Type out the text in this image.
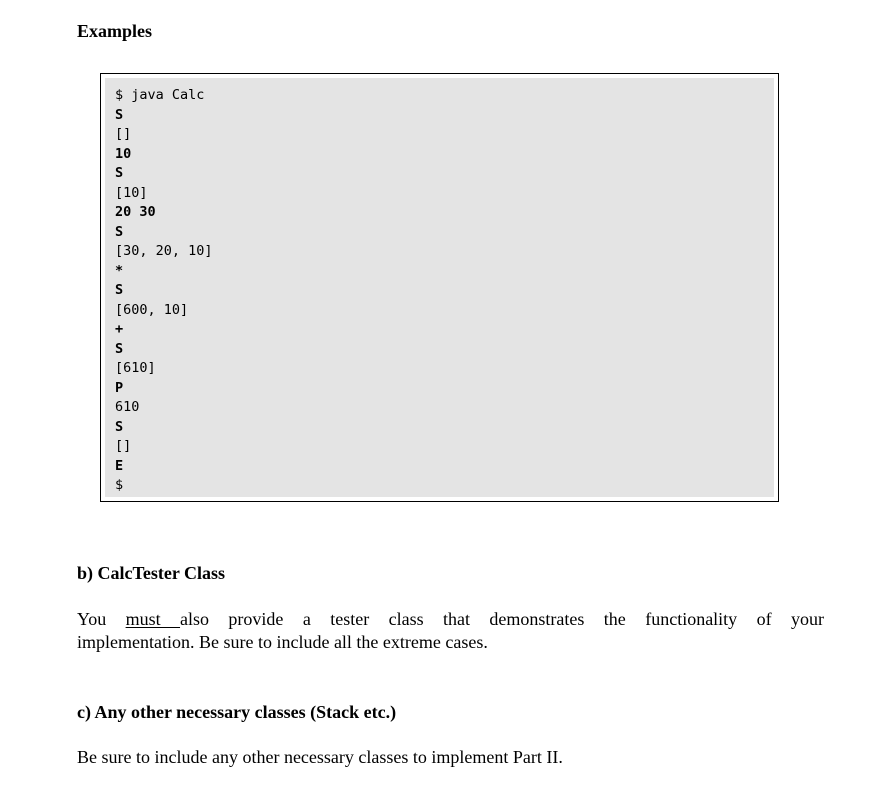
Examples
$ java Calc
S
[]
10
S
[10]
20 30
S
[30, 20, 10]
*
S
[600, 10]
+
S
[610]
P
610
S
[]
E
$
b) CalcTester Class

You must also provide a tester class that demonstrates the functionality of your
implementation. Be sure to include all the extreme cases.

c) Any other necessary classes (Stack etc.)

Be sure to include any other necessary classes to implement Part II.
